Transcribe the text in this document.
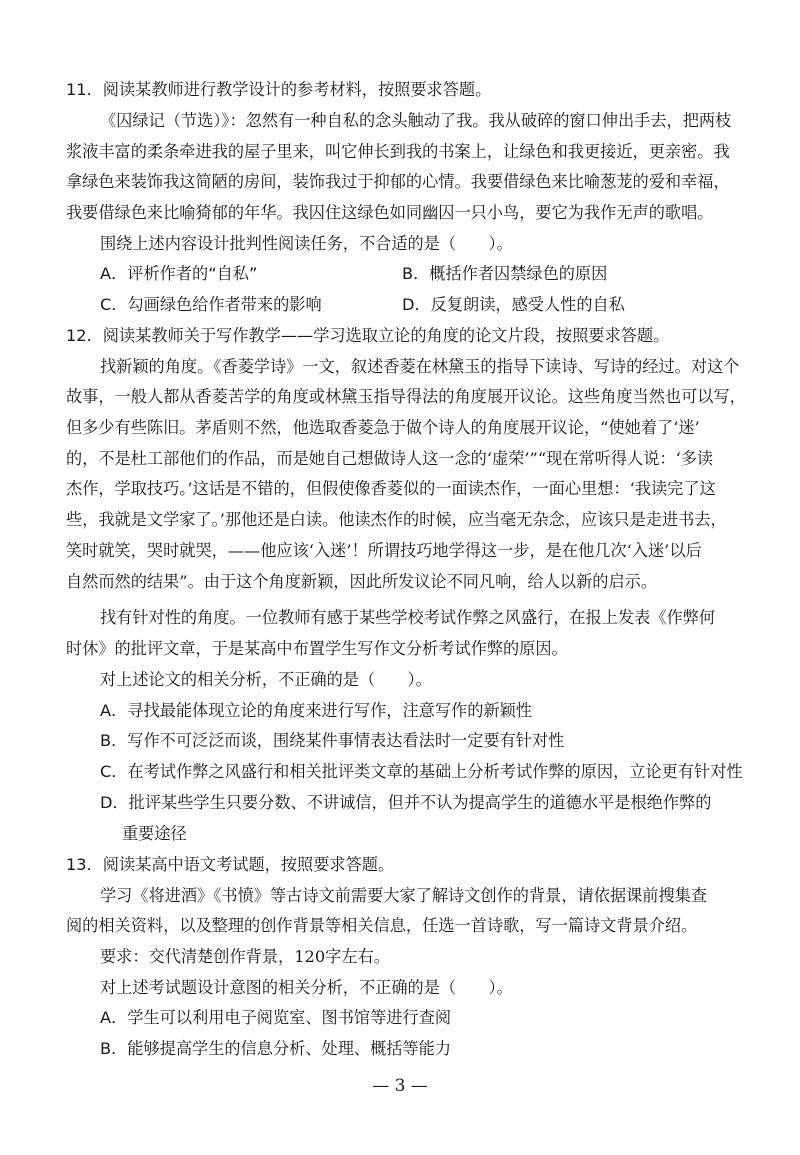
11．阅读某教师进行教学设计的参考材料，按照要求答题。
《囚绿记（节选）》：忽然有一种自私的念头触动了我。我从破碎的窗口伸出手去，把两枝
浆液丰富的柔条牵进我的屋子里来，叫它伸长到我的书案上，让绿色和我更接近，更亲密。我
拿绿色来装饰我这简陋的房间，装饰我过于抑郁的心情。我要借绿色来比喻葱茏的爱和幸福，
我要借绿色来比喻猗郁的年华。我囚住这绿色如同幽囚一只小鸟，要它为我作无声的歌唱。
围绕上述内容设计批判性阅读任务，不合适的是（　　）。
A．评析作者的“自私”	B．概括作者囚禁绿色的原因
C．勾画绿色给作者带来的影响	D．反复朗读，感受人性的自私
12．阅读某教师关于写作教学——学习选取立论的角度的论文片段，按照要求答题。
找新颖的角度。《香菱学诗》一文，叙述香菱在林黛玉的指导下读诗、写诗的经过。对这个
故事，一般人都从香菱苦学的角度或林黛玉指导得法的角度展开议论。这些角度当然也可以写，
但多少有些陈旧。茅盾则不然，他选取香菱急于做个诗人的角度展开议论，“使她着了‘迷’
的，不是杜工部他们的作品，而是她自己想做诗人这一念的‘虚荣’”“现在常听得人说：‘多读
杰作，学取技巧。’这话是不错的，但假使像香菱似的一面读杰作，一面心里想：‘我读完了这
些，我就是文学家了。’那他还是白读。他读杰作的时候，应当毫无杂念，应该只是走进书去，
笑时就笑，哭时就哭，——他应该‘入迷’！所谓技巧地学得这一步，是在他几次‘入迷’以后
自然而然的结果”。由于这个角度新颖，因此所发议论不同凡响，给人以新的启示。
找有针对性的角度。一位教师有感于某些学校考试作弊之风盛行，在报上发表《作弊何
时休》的批评文章，于是某高中布置学生写作文分析考试作弊的原因。
对上述论文的相关分析，不正确的是（　　）。
A．寻找最能体现立论的角度来进行写作，注意写作的新颖性
B．写作不可泛泛而谈，围绕某件事情表达看法时一定要有针对性
C．在考试作弊之风盛行和相关批评类文章的基础上分析考试作弊的原因，立论更有针对性
D．批评某些学生只要分数、不讲诚信，但并不认为提高学生的道德水平是根绝作弊的
重要途径
13．阅读某高中语文考试题，按照要求答题。
学习《将进酒》《书愤》等古诗文前需要大家了解诗文创作的背景，请依据课前搜集查
阅的相关资料，以及整理的创作背景等相关信息，任选一首诗歌，写一篇诗文背景介绍。
要求：交代清楚创作背景，120字左右。
对上述考试题设计意图的相关分析，不正确的是（　　）。
A．学生可以利用电子阅览室、图书馆等进行查阅
B．能够提高学生的信息分析、处理、概括等能力
— 3 —
